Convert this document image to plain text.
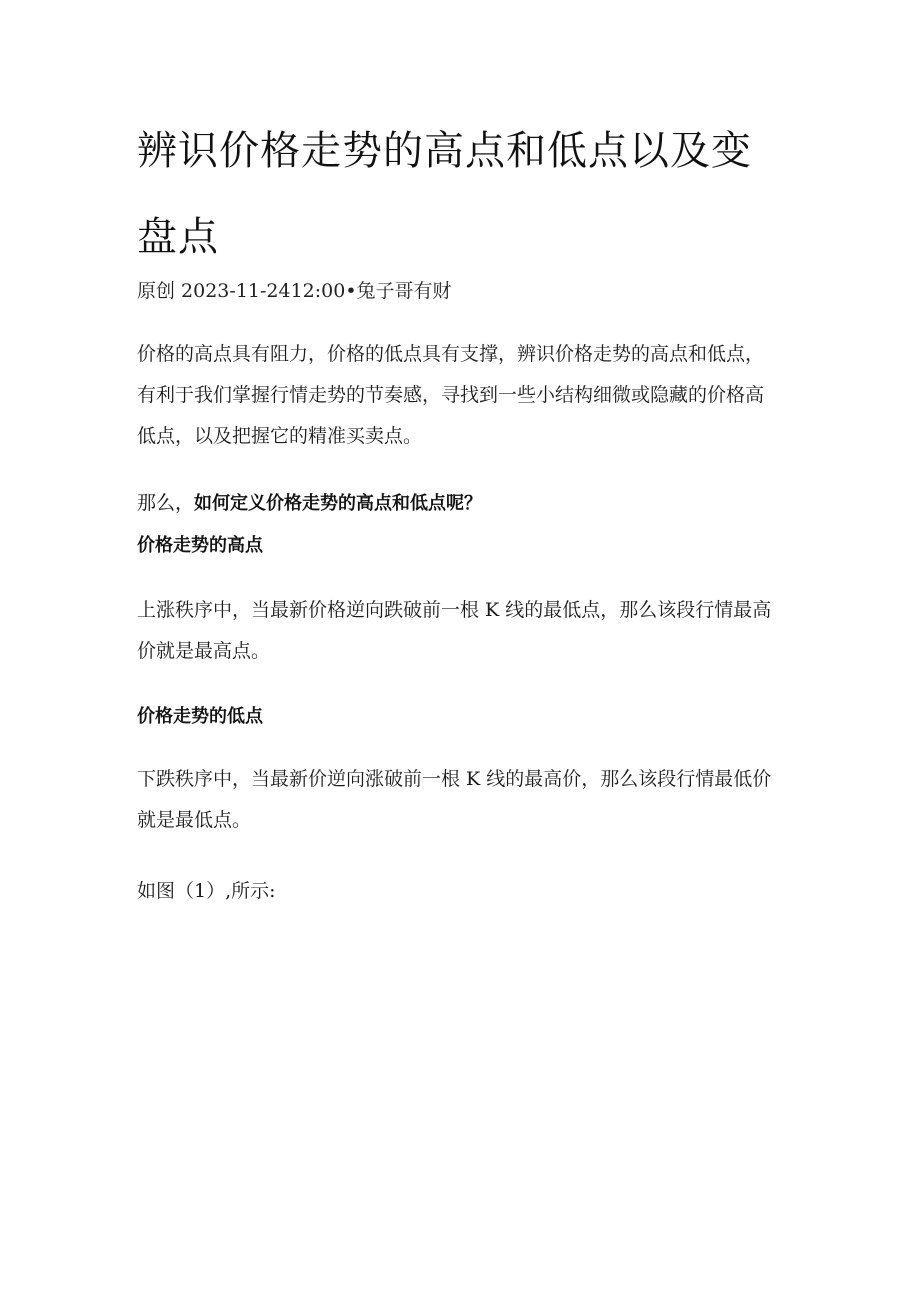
辨识价格走势的高点和低点以及变盘点

原创 2023-11-2412:00•兔子哥有财

价格的高点具有阻力，价格的低点具有支撑，辨识价格走势的高点和低点，有利于我们掌握行情走势的节奏感，寻找到一些小结构细微或隐藏的价格高低点，以及把握它的精准买卖点。

那么，如何定义价格走势的高点和低点呢？

价格走势的高点

上涨秩序中，当最新价格逆向跌破前一根 K 线的最低点，那么该段行情最高价就是最高点。

价格走势的低点

下跌秩序中，当最新价逆向涨破前一根 K 线的最高价，那么该段行情最低价就是最低点。

如图（1）,所示:
